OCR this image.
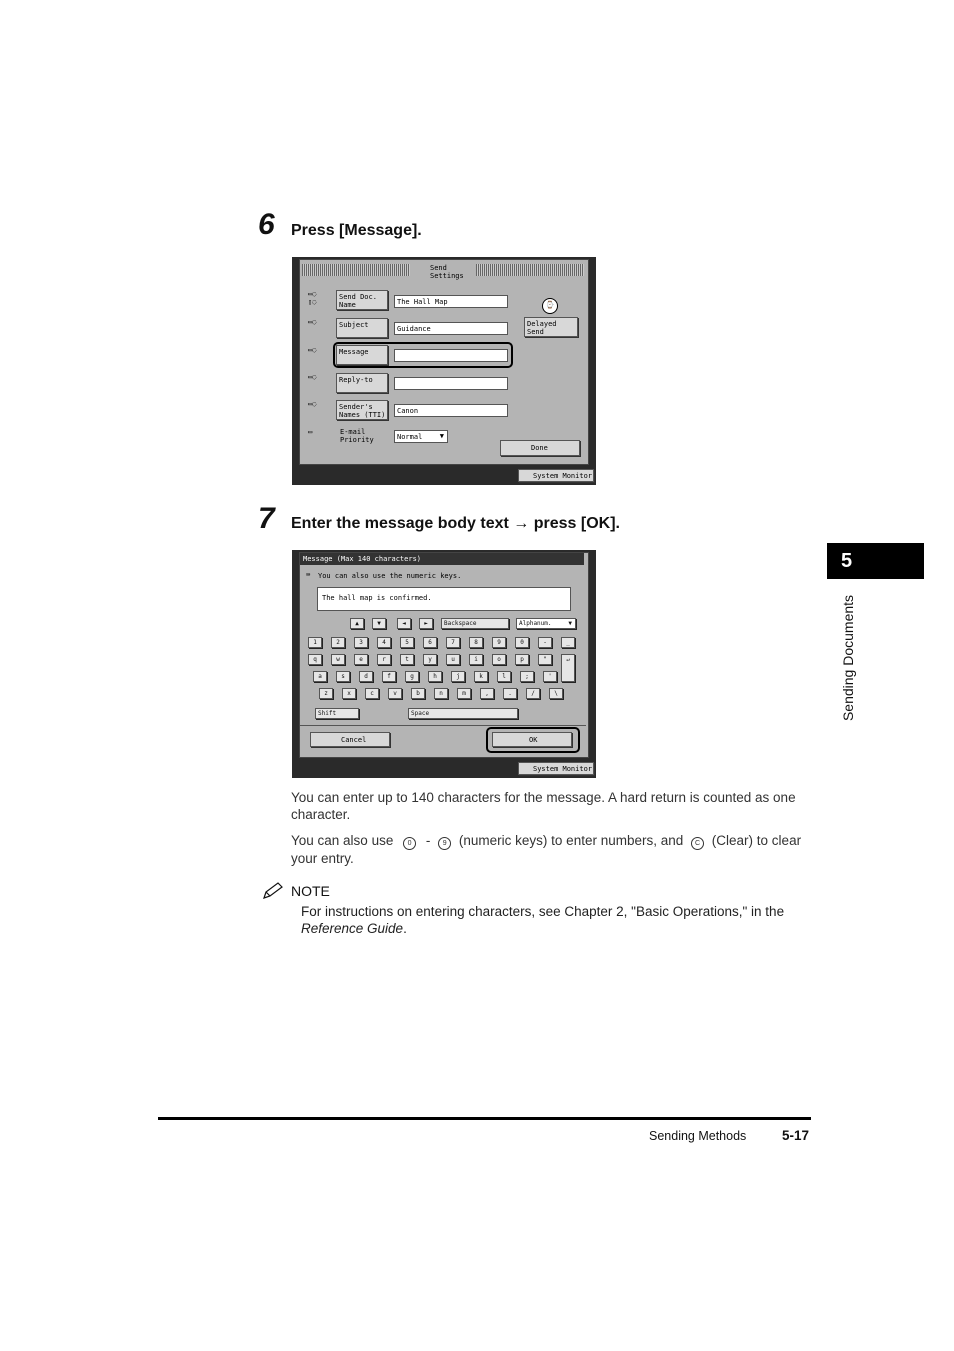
6 Press [Message].
Send
Settings
▭◌
▯◌
Send Doc.
Name	The Hall Map
▭◌	Subject	Guidance
▭◌	Message
▭◌	Reply-to
▭◌	Sender's
Names (TTI)	Canon
▭	E-mail
Priority	Normal ▼
⌚
Delayed
Send
Done
System Monitor
7 Enter the message body text → press [OK].
Message (Max 140 characters)
⌨ You can also use the numeric keys.
The hall map is confirmed.
▲	▼	◄	►	Backspace	Alphanum.	▼
1	2	3	4	5	6	7	8	9	0	-	_
q	w	e	r	t	y	u	i	o	p	"	↵
a	s	d	f	g	h	j	k	l	;	'
z	x	c	v	b	n	m	,	.	/	\
Shift	Space
Cancel	OK
System Monitor
You can enter up to 140 characters for the message. A hard return is counted as one character.
You can also use 0 - 9 (numeric keys) to enter numbers, and C (Clear) to clear your entry.
NOTE
For instructions on entering characters, see Chapter 2, "Basic Operations," in the Reference Guide.
5
Sending Documents
Sending Methods	5-17
